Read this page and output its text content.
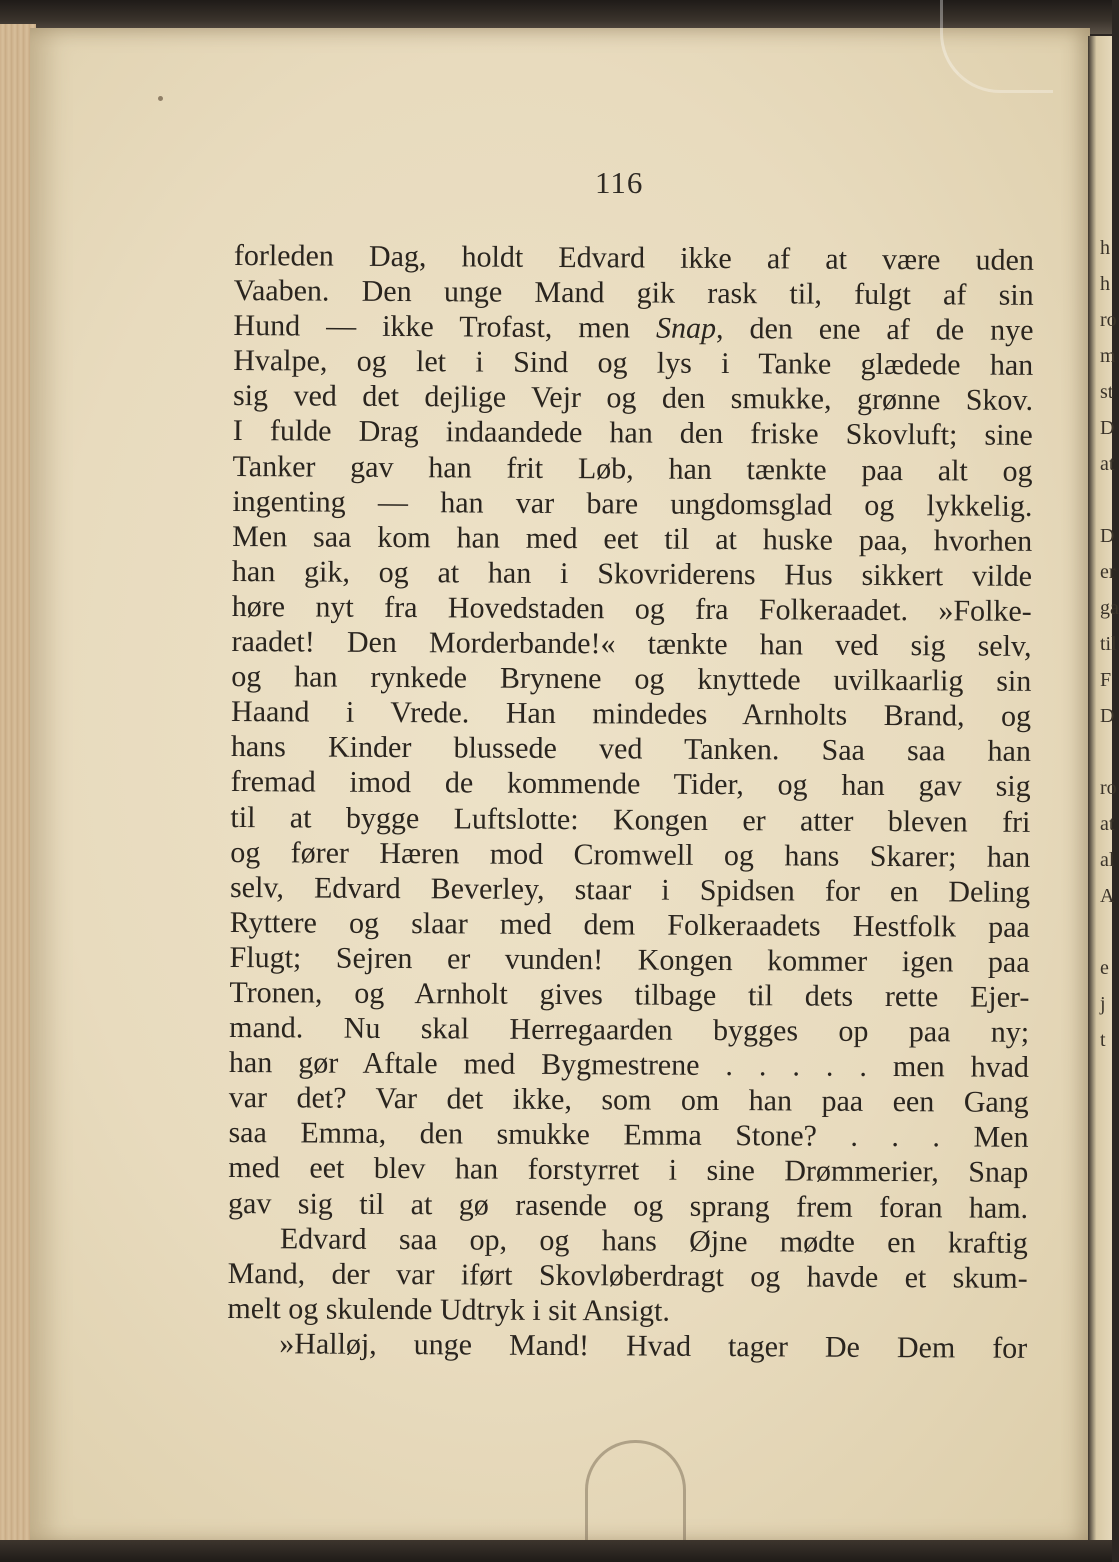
h
h
ro
m
st
D
at

D
er
ga
til
F
D

ro
at
al
A

e
j
t
116
forleden Dag, holdt Edvard ikke af at være uden
Vaaben. Den unge Mand gik rask til, fulgt af sin
Hund — ikke Trofast, men Snap, den ene af de nye
Hvalpe, og let i Sind og lys i Tanke glædede han
sig ved det dejlige Vejr og den smukke, grønne Skov.
I fulde Drag indaandede han den friske Skovluft; sine
Tanker gav han frit Løb, han tænkte paa alt og
ingenting — han var bare ungdomsglad og lykkelig.
Men saa kom han med eet til at huske paa, hvorhen
han gik, og at han i Skovriderens Hus sikkert vilde
høre nyt fra Hovedstaden og fra Folkeraadet. »Folke-
raadet! Den Morderbande!« tænkte han ved sig selv,
og han rynkede Brynene og knyttede uvilkaarlig sin
Haand i Vrede. Han mindedes Arnholts Brand, og
hans Kinder blussede ved Tanken. Saa saa han
fremad imod de kommende Tider, og han gav sig
til at bygge Luftslotte: Kongen er atter bleven fri
og fører Hæren mod Cromwell og hans Skarer; han
selv, Edvard Beverley, staar i Spidsen for en Deling
Ryttere og slaar med dem Folkeraadets Hestfolk paa
Flugt; Sejren er vunden! Kongen kommer igen paa
Tronen, og Arnholt gives tilbage til dets rette Ejer-
mand. Nu skal Herregaarden bygges op paa ny;
han gør Aftale med Bygmestrene . . . . . men hvad
var det? Var det ikke, som om han paa een Gang
saa Emma, den smukke Emma Stone? . . . Men
med eet blev han forstyrret i sine Drømmerier, Snap
gav sig til at gø rasende og sprang frem foran ham.
Edvard saa op, og hans Øjne mødte en kraftig
Mand, der var iført Skovløberdragt og havde et skum-
melt og skulende Udtryk i sit Ansigt.
»Halløj, unge Mand! Hvad tager De Dem for
